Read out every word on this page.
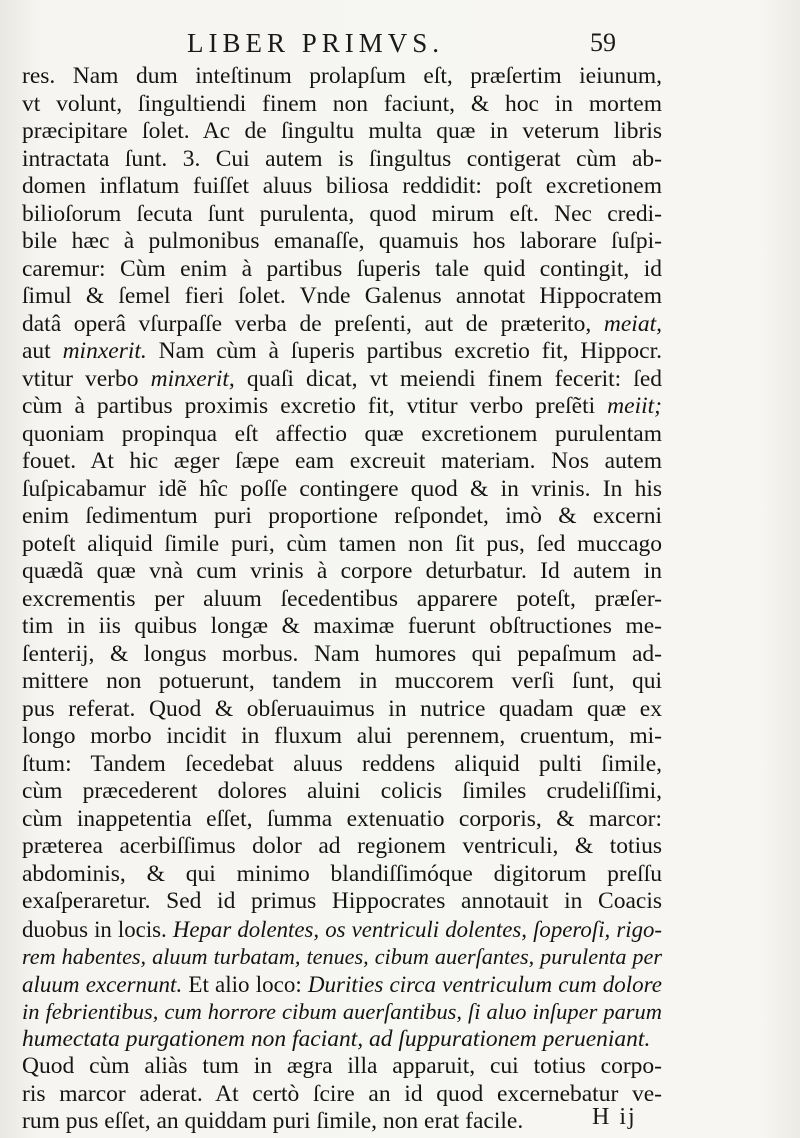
LIBER PRIMVS.	59
res. Nam dum inteſtinum prolapſum eſt, præſertim ieiunum,
vt volunt, ſingultiendi finem non faciunt, & hoc in mortem
præcipitare ſolet. Ac de ſingultu multa quæ in veterum libris
intractata ſunt. 3. Cui autem is ſingultus contigerat cùm ab-
domen inflatum fuiſſet aluus biliosa reddidit: poſt excretionem
bilioſorum ſecuta ſunt purulenta, quod mirum eſt. Nec credi-
bile hæc à pulmonibus emanaſſe, quamuis hos laborare ſuſpi-
caremur: Cùm enim à partibus ſuperis tale quid contingit, id
ſimul & ſemel fieri ſolet. Vnde Galenus annotat Hippocratem
datâ operâ vſurpaſſe verba de preſenti, aut de præterito, meiat,
aut minxerit. Nam cùm à ſuperis partibus excretio fit, Hippocr.
vtitur verbo minxerit, quaſi dicat, vt meiendi finem fecerit: ſed
cùm à partibus proximis excretio fit, vtitur verbo preſẽti meiit;
quoniam propinqua eſt affectio quæ excretionem purulentam
fouet. At hic æger ſæpe eam excreuit materiam. Nos autem
ſuſpicabamur idẽ hîc poſſe contingere quod & in vrinis. In his
enim ſedimentum puri proportione reſpondet, imò & excerni
poteſt aliquid ſimile puri, cùm tamen non ſit pus, ſed muccago
quædã quæ vnà cum vrinis à corpore deturbatur. Id autem in
excrementis per aluum ſecedentibus apparere poteſt, præſer-
tim in iis quibus longæ & maximæ fuerunt obſtructiones me-
ſenterij, & longus morbus. Nam humores qui pepaſmum ad-
mittere non potuerunt, tandem in muccorem verſi ſunt, qui
pus referat. Quod & obſeruauimus in nutrice quadam quæ ex
longo morbo incidit in fluxum alui perennem, cruentum, mi-
ſtum: Tandem ſecedebat aluus reddens aliquid pulti ſimile,
cùm præcederent dolores aluini colicis ſimiles crudeliſſimi,
cùm inappetentia eſſet, ſumma extenuatio corporis, & marcor:
præterea acerbiſſimus dolor ad regionem ventriculi, & totius
abdominis, & qui minimo blandiſſimóque digitorum preſſu
exaſperaretur. Sed id primus Hippocrates annotauit in Coacis
duobus in locis. Hepar dolentes, os ventriculi dolentes, ſoperoſi, rigo-
rem habentes, aluum turbatam, tenues, cibum auerſantes, purulenta per
aluum excernunt. Et alio loco: Durities circa ventriculum cum dolore
in febrientibus, cum horrore cibum auerſantibus, ſi aluo inſuper parum
humectata purgationem non faciant, ad ſuppurationem perueniant.
Quod cùm aliàs tum in ægra illa apparuit, cui totius corpo-
ris marcor aderat. At certò ſcire an id quod excernebatur ve-
rum pus eſſet, an quiddam puri ſimile, non erat facile.	H ij
